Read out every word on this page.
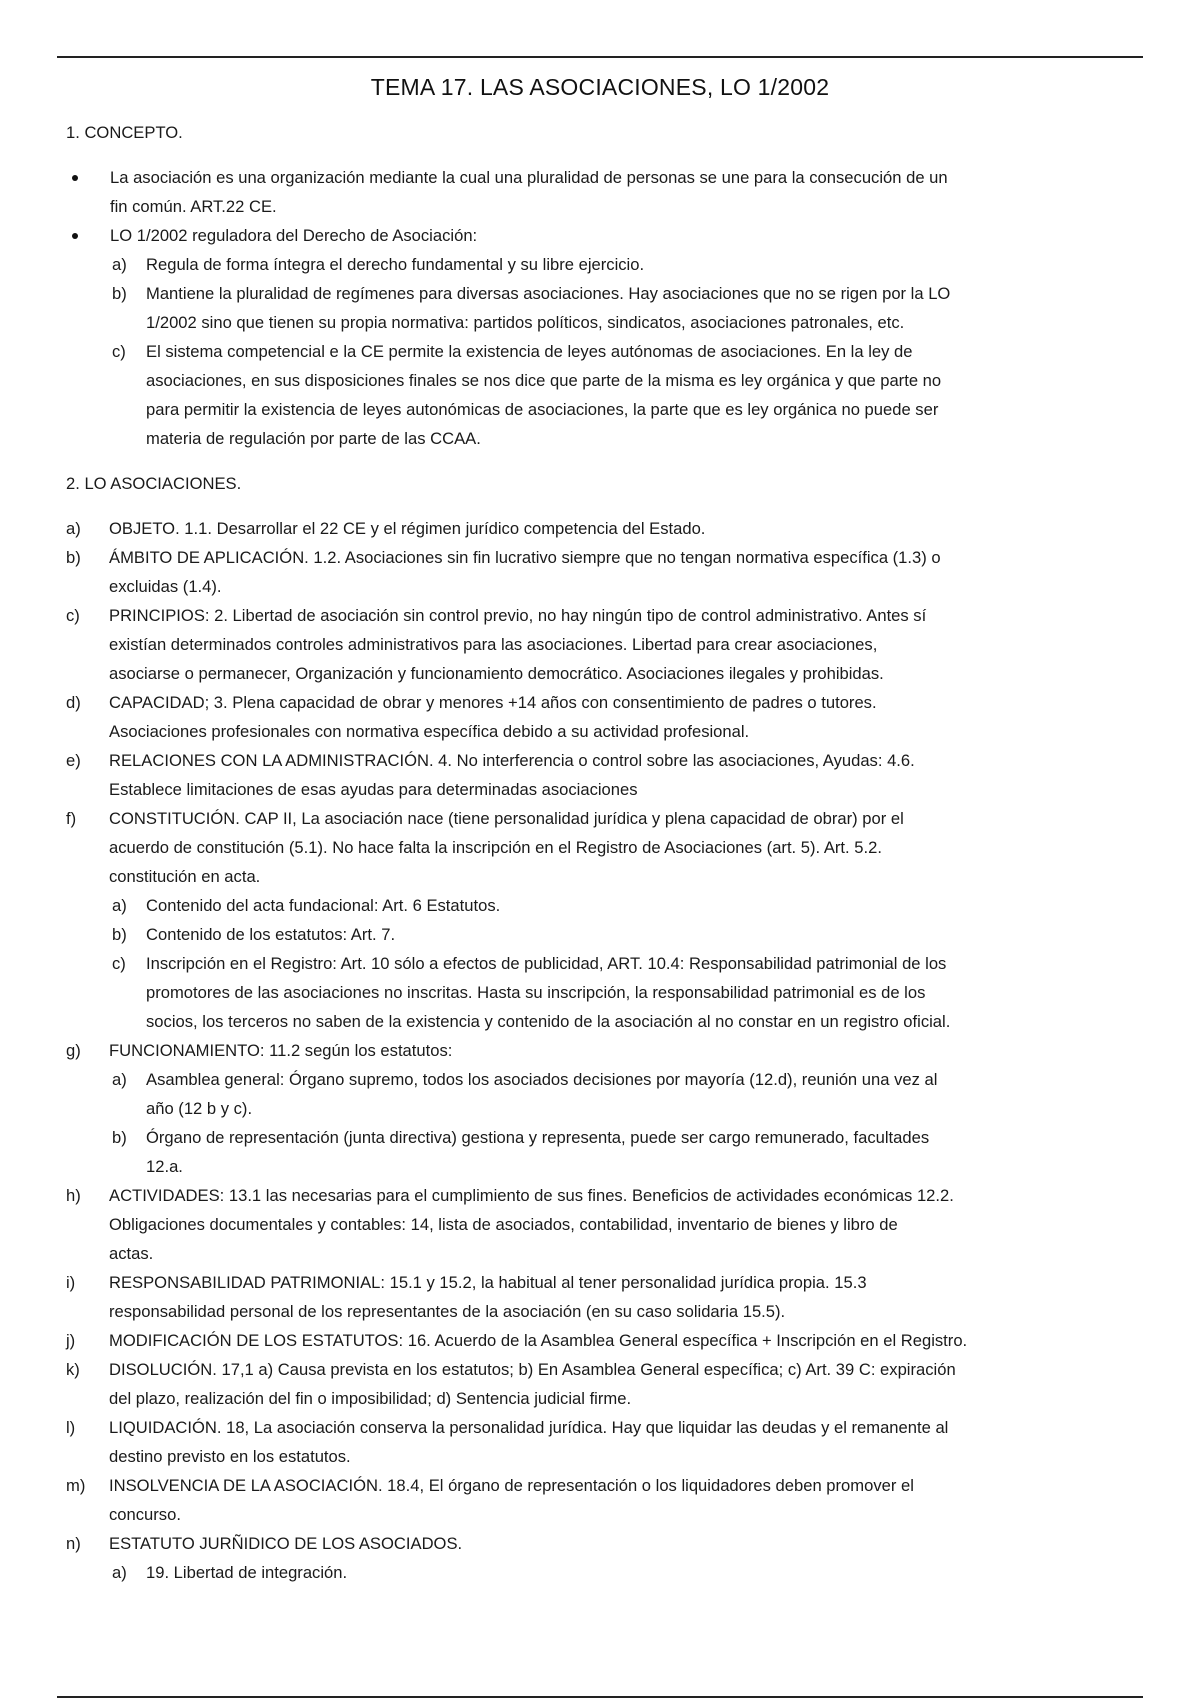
TEMA 17. LAS ASOCIACIONES, LO 1/2002
1. CONCEPTO.
La asociación es una organización mediante la cual una pluralidad de personas se une para la consecución de un
fin común. ART.22 CE.
LO 1/2002 reguladora del Derecho de Asociación:
a) Regula de forma íntegra el derecho fundamental y su libre ejercicio.
b) Mantiene la pluralidad de regímenes para diversas asociaciones. Hay asociaciones que no se rigen por la LO
1/2002 sino que tienen su propia normativa: partidos políticos, sindicatos, asociaciones patronales, etc.
c) El sistema competencial e la CE permite la existencia de leyes autónomas de asociaciones. En la ley de
asociaciones, en sus disposiciones finales se nos dice que parte de la misma es ley orgánica y que parte no
para permitir la existencia de leyes autonómicas de asociaciones, la parte que es ley orgánica no puede ser
materia de regulación por parte de las CCAA.
2. LO ASOCIACIONES.
a) OBJETO. 1.1. Desarrollar el 22 CE y el régimen jurídico competencia del Estado.
b) ÁMBITO DE APLICACIÓN. 1.2. Asociaciones sin fin lucrativo siempre que no tengan normativa específica (1.3) o
excluidas (1.4).
c) PRINCIPIOS: 2. Libertad de asociación sin control previo, no hay ningún tipo de control administrativo. Antes sí
existían determinados controles administrativos para las asociaciones. Libertad para crear asociaciones,
asociarse o permanecer, Organización y funcionamiento democrático. Asociaciones ilegales y prohibidas.
d) CAPACIDAD; 3. Plena capacidad de obrar y menores +14 años con consentimiento de padres o tutores.
Asociaciones profesionales con normativa específica debido a su actividad profesional.
e) RELACIONES CON LA ADMINISTRACIÓN. 4. No interferencia o control sobre las asociaciones, Ayudas: 4.6.
Establece limitaciones de esas ayudas para determinadas asociaciones
f) CONSTITUCIÓN. CAP II, La asociación nace (tiene personalidad jurídica y plena capacidad de obrar) por el
acuerdo de constitución (5.1). No hace falta la inscripción en el Registro de Asociaciones (art. 5). Art. 5.2.
constitución en acta.
a) Contenido del acta fundacional: Art. 6 Estatutos.
b) Contenido de los estatutos: Art. 7.
c) Inscripción en el Registro: Art. 10 sólo a efectos de publicidad, ART. 10.4: Responsabilidad patrimonial de los
promotores de las asociaciones no inscritas. Hasta su inscripción, la responsabilidad patrimonial es de los
socios, los terceros no saben de la existencia y contenido de la asociación al no constar en un registro oficial.
g) FUNCIONAMIENTO: 11.2 según los estatutos:
a) Asamblea general: Órgano supremo, todos los asociados decisiones por mayoría (12.d), reunión una vez al
año (12 b y c).
b) Órgano de representación (junta directiva) gestiona y representa, puede ser cargo remunerado, facultades
12.a.
h) ACTIVIDADES: 13.1 las necesarias para el cumplimiento de sus fines. Beneficios de actividades económicas 12.2.
Obligaciones documentales y contables: 14, lista de asociados, contabilidad, inventario de bienes y libro de
actas.
i) RESPONSABILIDAD PATRIMONIAL: 15.1 y 15.2, la habitual al tener personalidad jurídica propia. 15.3
responsabilidad personal de los representantes de la asociación (en su caso solidaria 15.5).
j) MODIFICACIÓN DE LOS ESTATUTOS: 16. Acuerdo de la Asamblea General específica + Inscripción en el Registro.
k) DISOLUCIÓN. 17,1 a) Causa prevista en los estatutos; b) En Asamblea General específica; c) Art. 39 C: expiración
del plazo, realización del fin o imposibilidad; d) Sentencia judicial firme.
l) LIQUIDACIÓN. 18, La asociación conserva la personalidad jurídica. Hay que liquidar las deudas y el remanente al
destino previsto en los estatutos.
m) INSOLVENCIA DE LA ASOCIACIÓN. 18.4, El órgano de representación o los liquidadores deben promover el
concurso.
n) ESTATUTO JURÑIDICO DE LOS ASOCIADOS.
a) 19. Libertad de integración.
